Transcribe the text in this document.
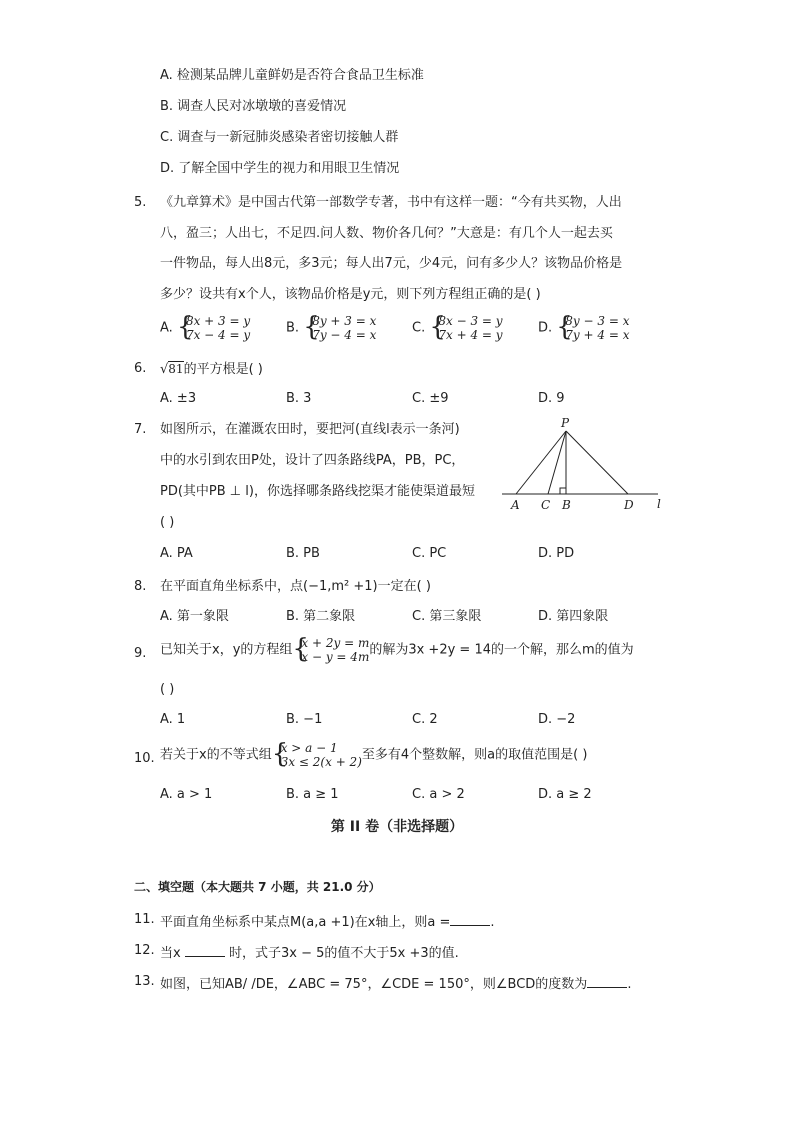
A. 检测某品牌儿童鲜奶是否符合食品卫生标准
B. 调查人民对冰墩墩的喜爱情况
C. 调查与一新冠肺炎感染者密切接触人群
D. 了解全国中学生的视力和用眼卫生情况
5. 《九章算术》是中国古代第一部数学专著，书中有这样一题：“今有共买物，人出
八，盈三；人出七，不足四.问人数、物价各几何？”大意是：有几个人一起去买
一件物品，每人出8元，多3元；每人出7元，少4元，问有多少人？该物品价格是
多少？设共有x个人，该物品价格是y元，则下列方程组正确的是( )
A. {
8x + 3 = y
7x − 4 = y	B. {
8y + 3 = x
7y − 4 = x	C. {
8x − 3 = y
7x + 4 = y	D. {
8y − 3 = x
7y + 4 = x
6. √81的平方根是( )
A. ±3	B. 3	C. ±9	D. 9
7. 如图所示，在灌溉农田时，要把河(直线l表示一条河)
中的水引到农田P处，设计了四条路线PA，PB，PC，
PD(其中PB ⊥ l)，你选择哪条路线挖渠才能使渠道最短
( )
P
A C B	D l
A. PA	B. PB	C. PC	D. PD
8. 在平面直角坐标系中，点(−1,m² +1)一定在( )
A. 第一象限	B. 第二象限	C. 第三象限	D. 第四象限
9. 已知关于x，y的方程组 {
x + 2y = m
x − y = 4m 的解为3x +2y = 14的一个解，那么m的值为
( )
A. 1	B. −1	C. 2	D. −2
10. 若关于x的不等式组 {
x > a − 1
3x ≤ 2(x + 2) 至多有4个整数解，则a的取值范围是( )
A. a > 1	B. a ≥ 1	C. a > 2	D. a ≥ 2
第 II 卷（非选择题）
二、填空题（本大题共 7 小题，共 21.0 分）
11. 平面直角坐标系中某点M(a,a +1)在x轴上，则a =	.
12. 当x	时，式子3x − 5的值不大于5x +3的值.
13. 如图，已知AB/ /DE，∠ABC = 75°，∠CDE = 150°，则∠BCD的度数为	.
